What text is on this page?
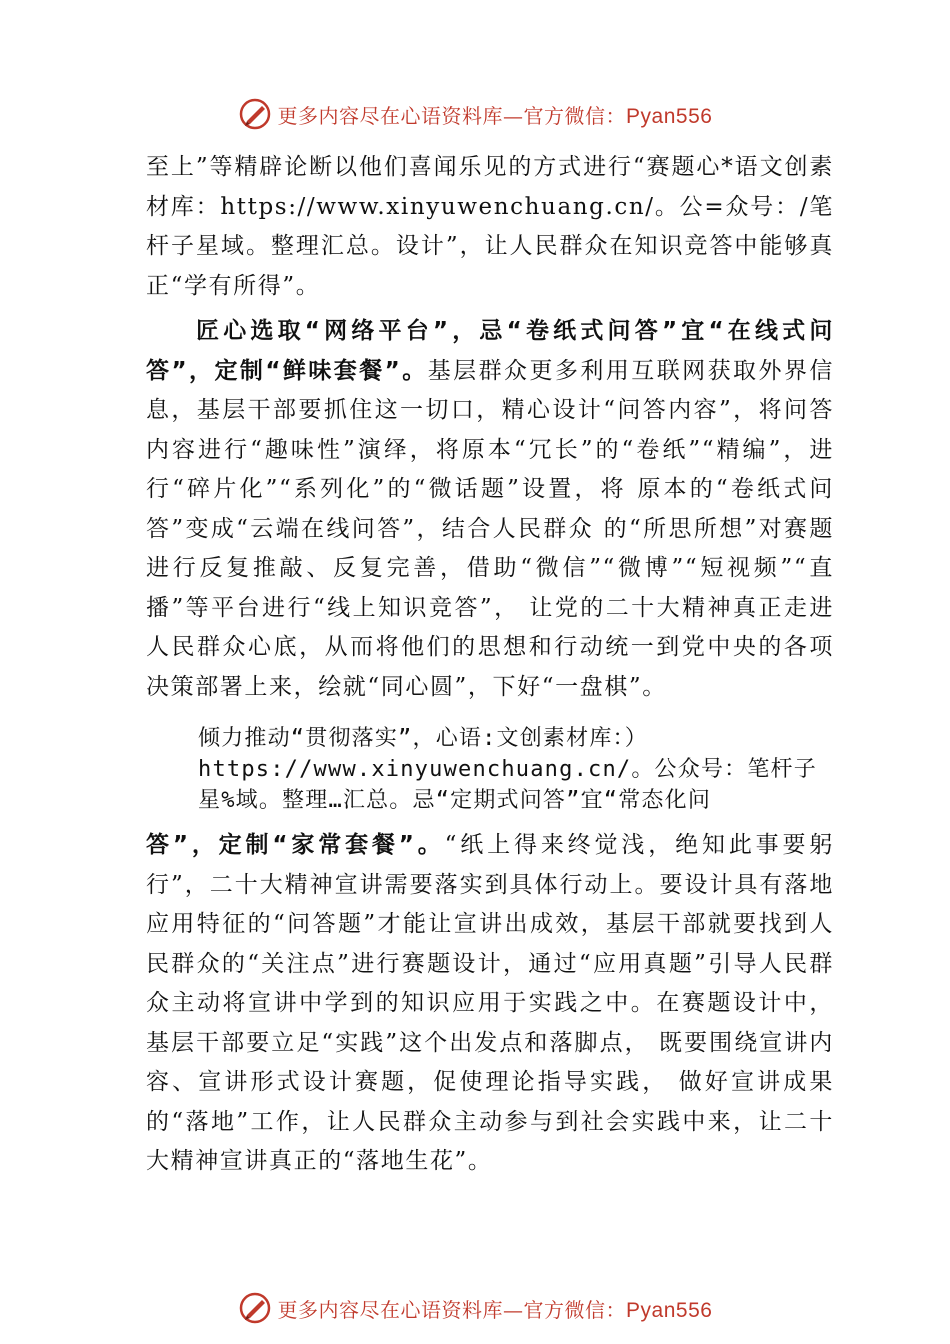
更多内容尽在心语资料库—官方微信：Pyan556

至上”等精辟论断以他们喜闻乐见的方式进行“赛题心*语文创素材库：https://www.xinyuwenchuang.cn/。公=众号：/笔杆子星域。整理汇总。设计”，让人民群众在知识竞答中能够真正“学有所得”。

匠心选取“网络平台”，忌“卷纸式问答”宜“在线式问答”，定制“鲜味套餐”。基层群众更多利用互联网获取外界信息，基层干部要抓住这一切口，精心设计“问答内容”，将问答内容进行“趣味性”演绎，将原本“冗长”的“卷纸”“精编”，进行“碎片化”“系列化”的“微话题”设置，将 原本的“卷纸式问答”变成“云端在线问答”，结合人民群众 的“所思所想”对赛题进行反复推敲、反复完善，借助“微信”“微博”“短视频”“直播”等平台进行“线上知识竞答”， 让党的二十大精神真正走进人民群众心底，从而将他们的思想和行动统一到党中央的各项决策部署上来，绘就“同心圆”，下好“一盘棋”。

倾力推动“贯彻落实”，心语:文创素材库：）https://www.xinyuwenchuang.cn/。公众号：笔杆子星%域。整理…汇总。忌“定期式问答”宜“常态化问

答”，定制“家常套餐”。“纸上得来终觉浅，绝知此事要躬行”，二十大精神宣讲需要落实到具体行动上。要设计具有落地应用特征的“问答题”才能让宣讲出成效，基层干部就要找到人民群众的“关注点”进行赛题设计，通过“应用真题”引导人民群众主动将宣讲中学到的知识应用于实践之中。在赛题设计中，基层干部要立足“实践”这个出发点和落脚点， 既要围绕宣讲内容、宣讲形式设计赛题，促使理论指导实践， 做好宣讲成果的“落地”工作，让人民群众主动参与到社会实践中来，让二十大精神宣讲真正的“落地生花”。

更多内容尽在心语资料库—官方微信：Pyan556
